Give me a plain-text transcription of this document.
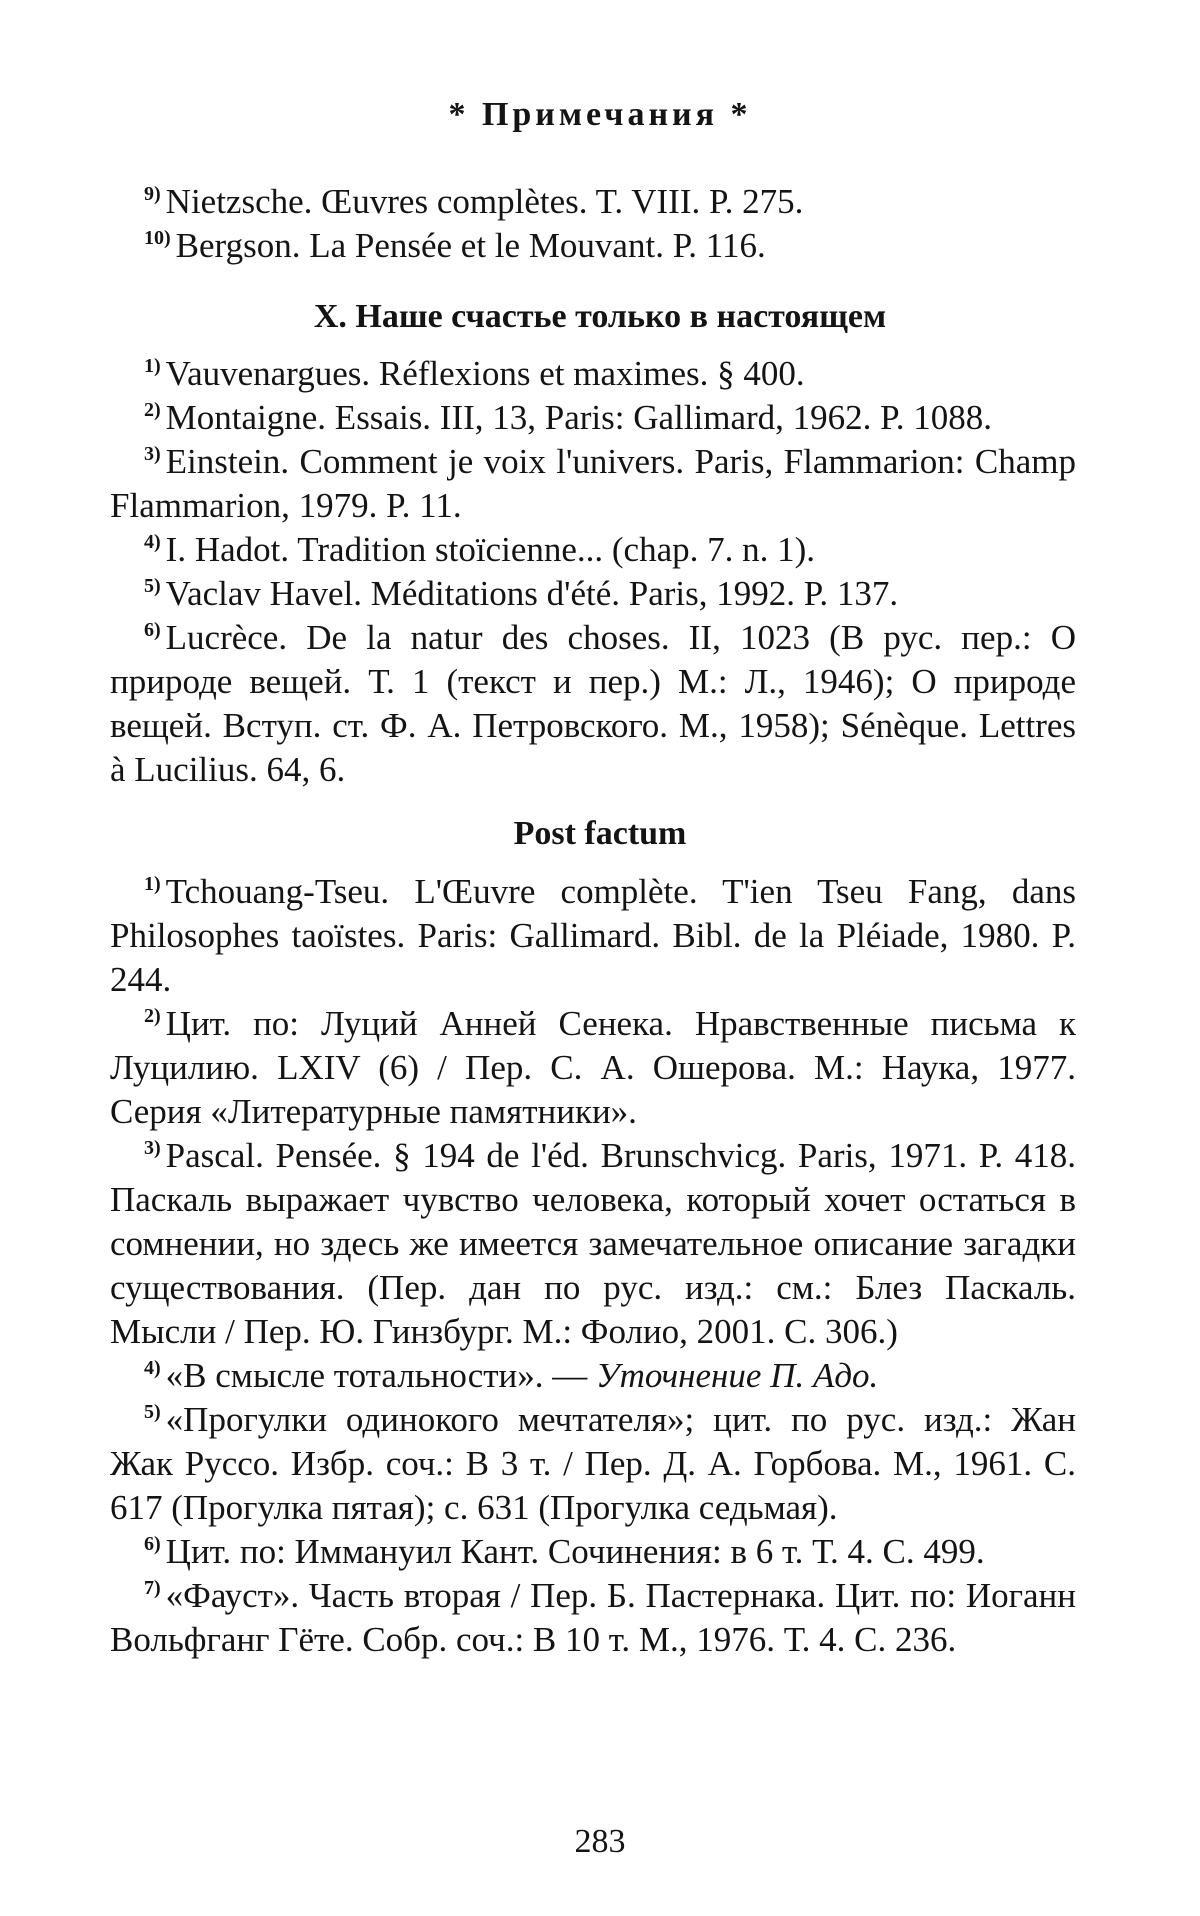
* Примечания *
$^{9)}$ Nietzsche. Œuvres complètes. T. VIII. P. 275.
$^{10)}$ Bergson. La Pensée et le Mouvant. P. 116.
X. Наше счастье только в настоящем
$^{1)}$ Vauvenargues. Réflexions et maximes. § 400.
$^{2)}$ Montaigne. Essais. III, 13, Paris: Gallimard, 1962. P. 1088.
$^{3)}$ Einstein. Comment je voix l'univers. Paris, Flammarion: Champ Flammarion, 1979. P. 11.
$^{4)}$ I. Hadot. Tradition stoïcienne... (chap. 7. n. 1).
$^{5)}$ Vaclav Havel. Méditations d'été. Paris, 1992. P. 137.
$^{6)}$ Lucrèce. De la natur des choses. II, 1023 (В рус. пер.: О природе вещей. Т. 1 (текст и пер.) М.: Л., 1946); О природе вещей. Вступ. ст. Ф. А. Петровского. М., 1958); Sénèque. Lettres à Lucilius. 64, 6.
Post factum
$^{1)}$ Tchouang-Tseu. L'Œuvre complète. T'ien Tseu Fang, dans Philosophes taoïstes. Paris: Gallimard. Bibl. de la Pléiade, 1980. P. 244.
$^{2)}$ Цит. по: Луций Анней Сенека. Нравственные письма к Луцилию. LXIV (6) / Пер. С. А. Ошерова. М.: Наука, 1977. Серия «Литературные памятники».
$^{3)}$ Pascal. Pensée. § 194 de l'éd. Brunschvicg. Paris, 1971. P. 418. Паскаль выражает чувство человека, который хочет остаться в сомнении, но здесь же имеется замечательное описание загадки существования. (Пер. дан по рус. изд.: см.: Блез Паскаль. Мысли / Пер. Ю. Гинзбург. М.: Фолио, 2001. С. 306.)
$^{4)}$ «В смысле тотальности». — Уточнение П. Адо.
$^{5)}$ «Прогулки одинокого мечтателя»; цит. по рус. изд.: Жан Жак Руссо. Избр. соч.: В 3 т. / Пер. Д. А. Горбова. М., 1961. С. 617 (Прогулка пятая); с. 631 (Прогулка седьмая).
$^{6)}$ Цит. по: Иммануил Кант. Сочинения: в 6 т. Т. 4. С. 499.
$^{7)}$ «Фауст». Часть вторая / Пер. Б. Пастернака. Цит. по: Иоганн Вольфганг Гёте. Собр. соч.: В 10 т. М., 1976. Т. 4. С. 236.
283
